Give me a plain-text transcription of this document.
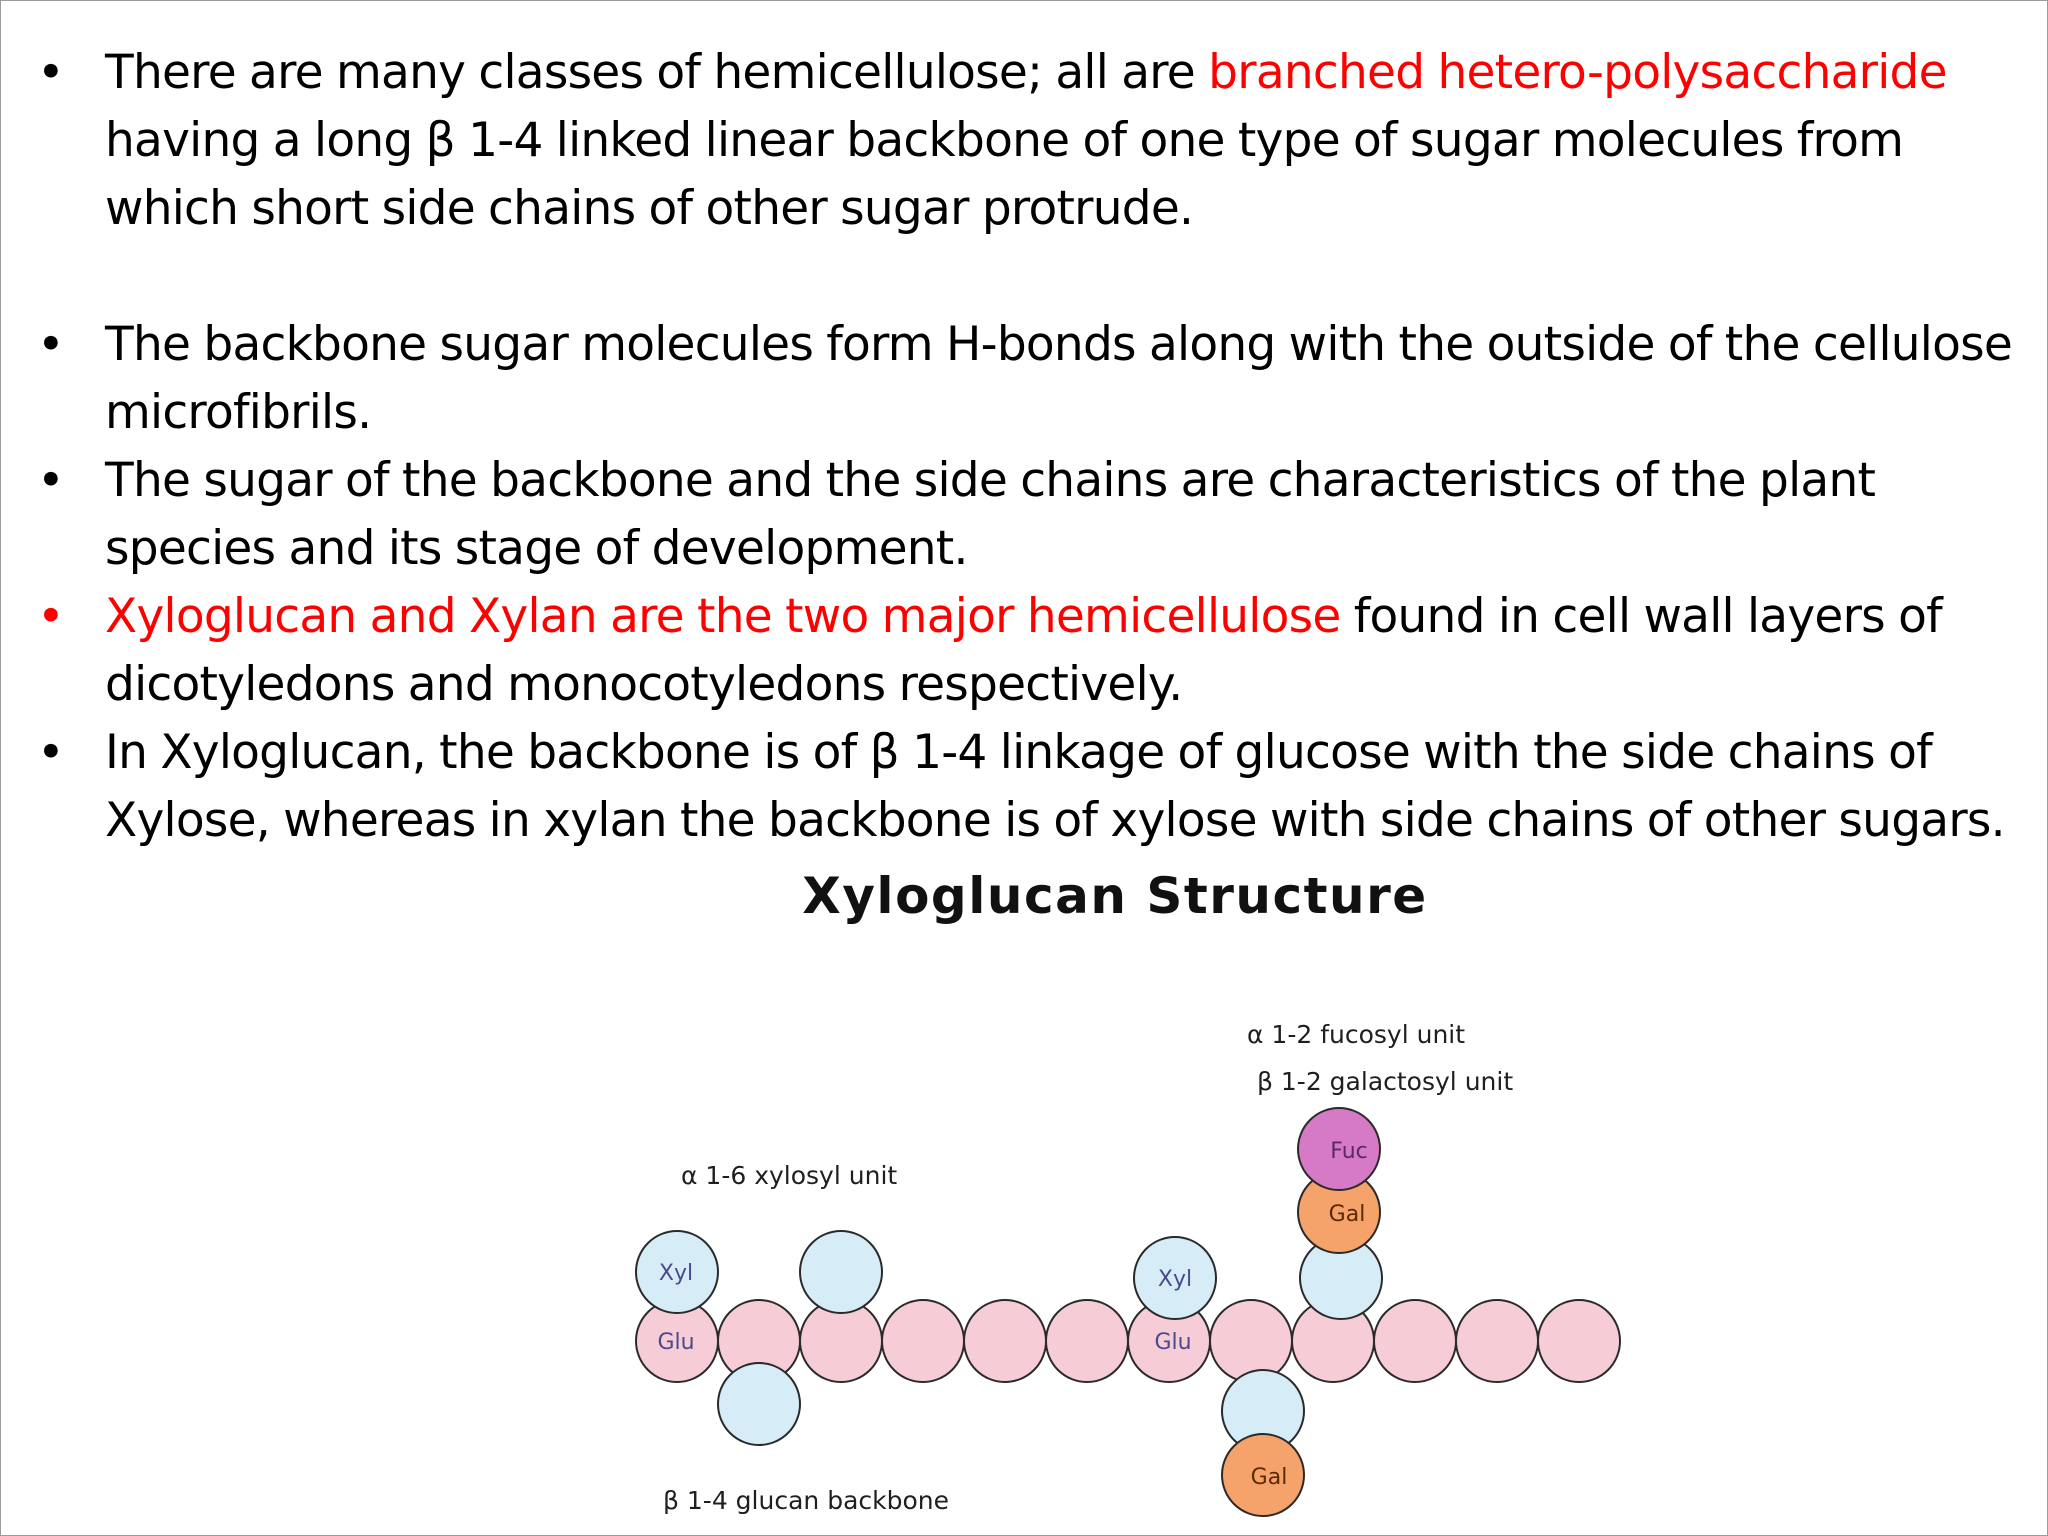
• There are many classes of hemicellulose; all are branched hetero-polysaccharide having a long β 1-4 linked linear backbone of one type of sugar molecules from which short side chains of other sugar protrude.
• The backbone sugar molecules form H-bonds along with the outside of the cellulose microfibrils.
• The sugar of the backbone and the side chains are characteristics of the plant species and its stage of development.
• Xyloglucan and Xylan are the two major hemicellulose found in cell wall layers of dicotyledons and monocotyledons respectively.
• In Xyloglucan, the backbone is of β 1-4 linkage of glucose with the side chains of Xylose, whereas in xylan the backbone is of xylose with side chains of other sugars.
Xyloglucan Structure
α 1-2 fucosyl unit
β 1-2 galactosyl unit
α 1-6 xylosyl unit
β 1-4 glucan backbone
Glu	Glu
Xyl	Xyl
Fuc
Gal
Gal
